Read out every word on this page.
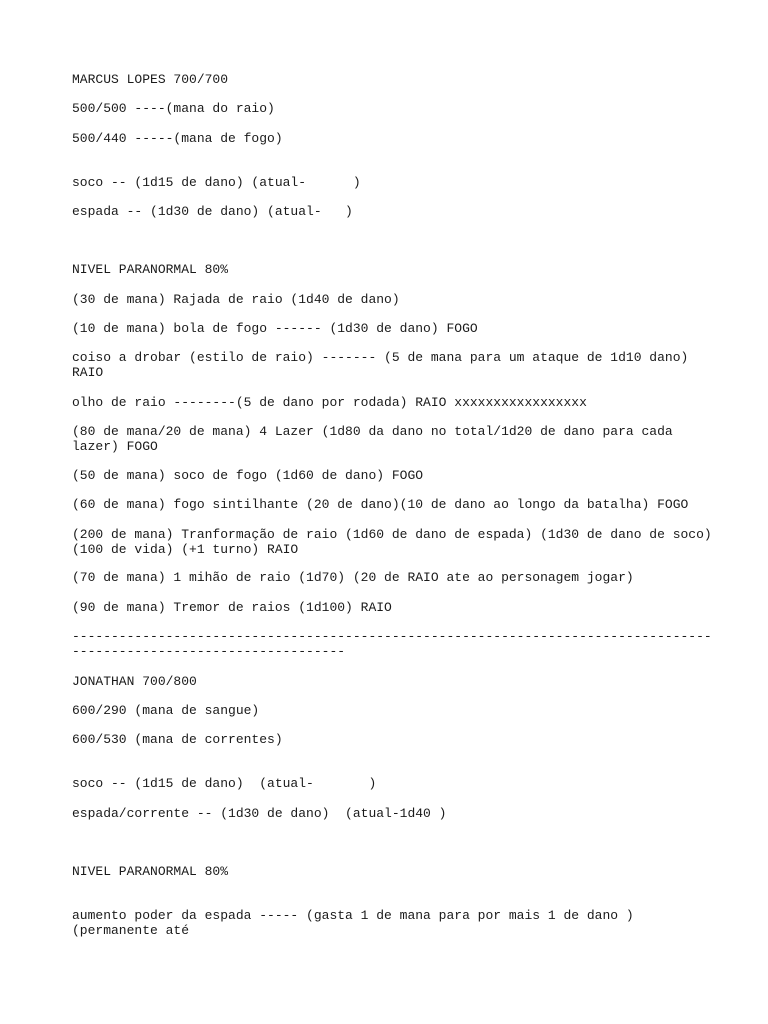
MARCUS LOPES 700/700

500/500 ----(mana do raio)

500/440 -----(mana de fogo)

soco -- (1d15 de dano) (atual-      )

espada -- (1d30 de dano) (atual-   )

NIVEL PARANORMAL 80%

(30 de mana) Rajada de raio (1d40 de dano)

(10 de mana) bola de fogo ------ (1d30 de dano) FOGO

coiso a drobar (estilo de raio) ------- (5 de mana para um ataque de 1d10 dano) RAIO

olho de raio --------(5 de dano por rodada) RAIO xxxxxxxxxxxxxxxxx

(80 de mana/20 de mana) 4 Lazer (1d80 da dano no total/1d20 de dano para cada lazer) FOGO

(50 de mana) soco de fogo (1d60 de dano) FOGO

(60 de mana) fogo sintilhante (20 de dano)(10 de dano ao longo da batalha) FOGO

(200 de mana) Tranformação de raio (1d60 de dano de espada) (1d30 de dano de soco) (100 de vida) (+1 turno) RAIO

(70 de mana) 1 mihão de raio (1d70) (20 de RAIO ate ao personagem jogar)

(90 de mana) Tremor de raios (1d100) RAIO

---------------------------------------------------------------------------------------------------------------------

JONATHAN 700/800

600/290 (mana de sangue)

600/530 (mana de correntes)

soco -- (1d15 de dano)  (atual-       )

espada/corrente -- (1d30 de dano)  (atual-1d40 )

NIVEL PARANORMAL 80%

aumento poder da espada ----- (gasta 1 de mana para por mais 1 de dano )(permanente até
